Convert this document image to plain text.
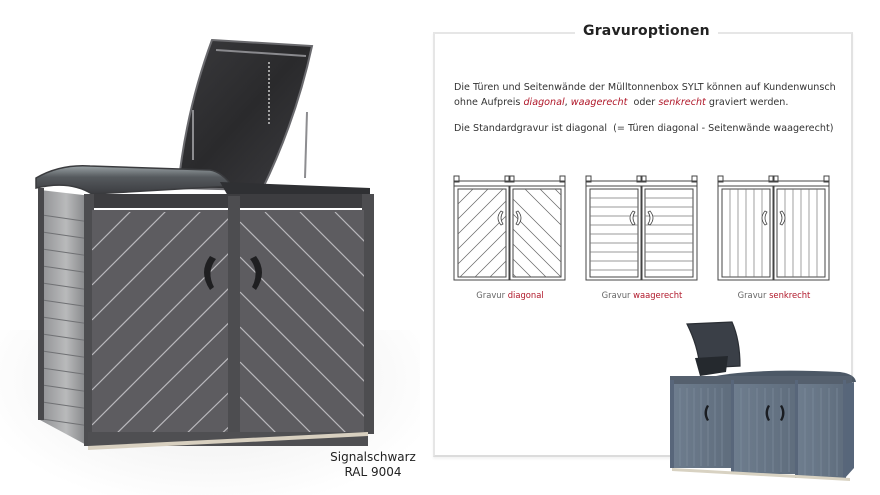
Signalschwarz
RAL 9004
Gravuroptionen
Die Türen und Seitenwände der Mülltonnenbox SYLT können auf Kundenwunsch
ohne Aufpreis diagonal, waagerecht  oder senkrecht graviert werden.
Die Standardgravur ist diagonal  (= Türen diagonal - Seitenwände waagerecht)
Gravur diagonal	Gravur waagerecht	Gravur senkrecht
